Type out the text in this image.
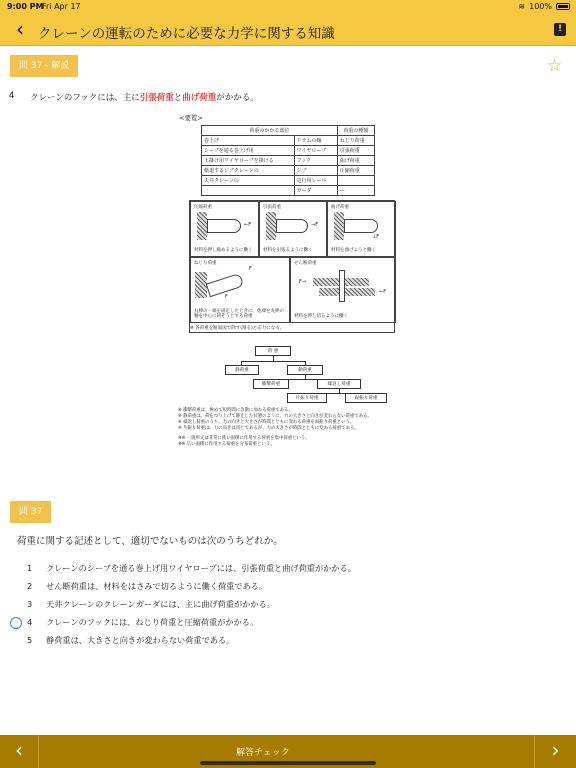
9:00 PM
Fri Apr 17	≋ 100%
‹	クレーンの運転のために必要な力学に関する知識	!
問 37 - 解説	☆
4 クレーンのフックには、主に引張荷重と曲げ荷重がかかる。
<要覧>
荷重のかかる部位		荷重の種類
巻上げ	ドラムの軸	ねじり荷重
シーブを通る巻上げ用	ワイヤロープ	引張荷重
玉掛け用ワイヤロープを掛ける	フック	曲げ荷重
軌道するジブクレーンの	ジブ	圧縮荷重
天井クレーンの	走行用レール	
	ガーダ	—
圧縮荷重
←F
材料を押し縮めるように働く
引張荷重
→F
材料を引張るように働く
曲げ荷重
↓F
材料を曲げようと働く
ねじり荷重
F
F
丸棒の一端を固定したときに、他端を丸棒の軸を中心に回そうとする荷重
せん断荷重
F→
←F
材料を押し切るように働く
※ 各荷重を断面図で除す(割る)と応力になる。
荷 重
静荷重	動荷重
衝撃荷重	繰返し荷重
片振り荷重	両振り荷重
※ 衝撃荷重は、極めて短時間に急激に加わる荷重である。
※ 静荷重は、荷をつり上げて静止した状態のように、力の大きさと向きが変わらない荷重である。
※ 繰返し荷重のうち、力の向きと大きさが時間とともに変わる荷重を両振り荷重という。
※ 片振り荷重は、力の向きは同じであるが、力の大きさが時間とともに変わる荷重である。
※※ 一箇所又は非常に狭い面積に作用する荷重を集中荷重という。
※※ 広い面積に作用する荷重を分布荷重という。
問 37
荷重に関する記述として、適切でないものは次のうちどれか。
1	クレーンのシーブを通る巻上げ用ワイヤロープには、引張荷重と曲げ荷重がかかる。
2	せん断荷重は、材料をはさみで切るように働く荷重である。
3	天井クレーンのクレーンガーダには、主に曲げ荷重がかかる。
4	クレーンのフックには、ねじり荷重と圧縮荷重がかかる。
5	静荷重は、大きさと向きが変わらない荷重である。
‹	解答チェック	›
